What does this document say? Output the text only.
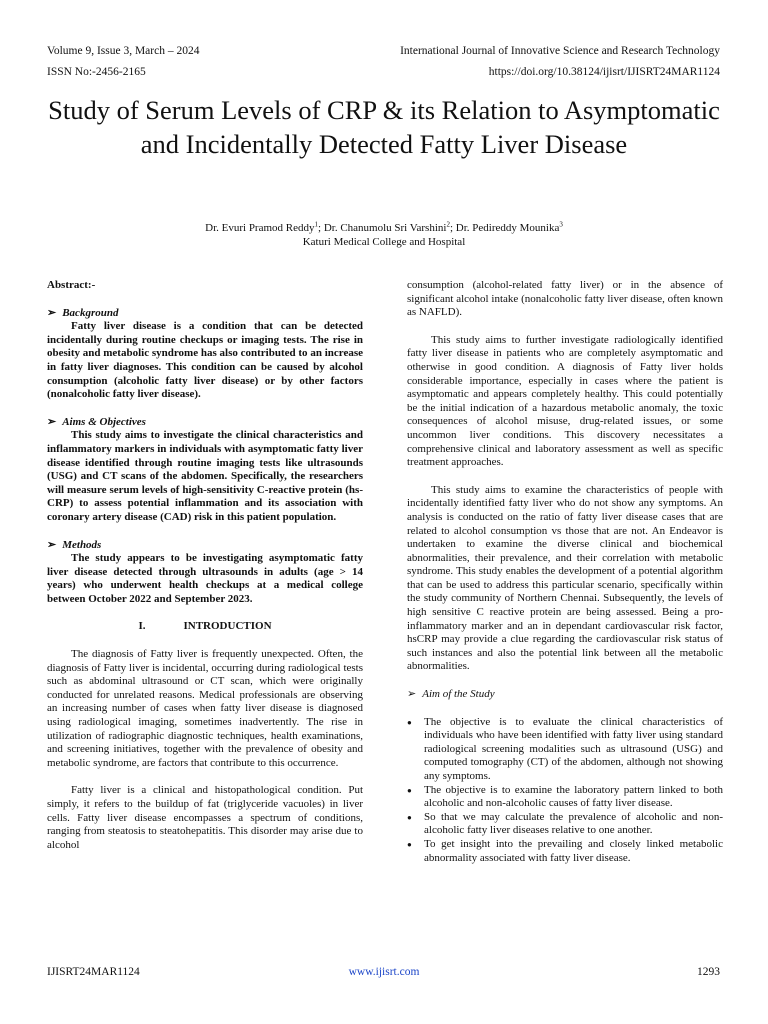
Volume 9, Issue 3, March – 2024	International Journal of Innovative Science and Research Technology
ISSN No:-2456-2165	https://doi.org/10.38124/ijisrt/IJISRT24MAR1124
Study of Serum Levels of CRP & its Relation to Asymptomatic and Incidentally Detected Fatty Liver Disease
Dr. Evuri Pramod Reddy$^1$; Dr. Chanumolu Sri Varshini$^2$; Dr. Pedireddy Mounika$^3$
Katuri Medical College and Hospital

Abstract:-

➢ Background

Fatty liver disease is a condition that can be detected incidentally during routine checkups or imaging tests. The rise in obesity and metabolic syndrome has also contributed to an increase in fatty liver diagnoses. This condition can be caused by alcohol consumption (alcoholic fatty liver disease) or by other factors (nonalcoholic fatty liver disease).

➢ Aims & Objectives

This study aims to investigate the clinical characteristics and inflammatory markers in individuals with asymptomatic fatty liver disease identified through routine imaging tests like ultrasounds (USG) and CT scans of the abdomen. Specifically, the researchers will measure serum levels of high-sensitivity C-reactive protein (hs-CRP) to assess potential inflammation and its association with coronary artery disease (CAD) risk in this patient population.

➢ Methods

The study appears to be investigating asymptomatic fatty liver disease detected through ultrasounds in adults (age > 14 years) who underwent health checkups at a medical college between October 2022 and September 2023.

I.	INTRODUCTION

The diagnosis of Fatty liver is frequently unexpected. Often, the diagnosis of Fatty liver is incidental, occurring during radiological tests such as abdominal ultrasound or CT scan, which were originally conducted for unrelated reasons. Medical professionals are observing an increasing number of cases when fatty liver disease is diagnosed using radiological imaging, sometimes inadvertently. The rise in utilization of radiographic diagnostic techniques, health examinations, and screening initiatives, together with the prevalence of obesity and metabolic syndrome, are factors that contribute to this occurrence.

Fatty liver is a clinical and histopathological condition. Put simply, it refers to the buildup of fat (triglyceride vacuoles) in liver cells. Fatty liver disease encompasses a spectrum of conditions, ranging from steatosis to steatohepatitis. This disorder may arise due to alcohol

consumption (alcohol-related fatty liver) or in the absence of significant alcohol intake (nonalcoholic fatty liver disease, often known as NAFLD).

This study aims to further investigate radiologically identified fatty liver disease in patients who are completely asymptomatic and otherwise in good condition. A diagnosis of Fatty liver holds considerable importance, especially in cases where the patient is asymptomatic and appears completely healthy. This could potentially be the initial indication of a hazardous metabolic anomaly, the toxic consequences of alcohol misuse, drug-related issues, or some uncommon liver conditions. This discovery necessitates a comprehensive clinical and laboratory assessment as well as specific treatment approaches.

This study aims to examine the characteristics of people with incidentally identified fatty liver who do not show any symptoms. An analysis is conducted on the ratio of fatty liver disease cases that are related to alcohol consumption vs those that are not. An Endeavor is undertaken to examine the diverse clinical and biochemical abnormalities, their prevalence, and their correlation with metabolic syndrome. This study enables the development of a potential algorithm that can be used to address this particular scenario, specifically within the study community of Northern Chennai. Subsequently, the levels of high sensitive C reactive protein are being assessed. Being a pro-inflammatory marker and an in dependant cardiovascular risk factor, hsCRP may provide a clue regarding the cardiovascular risk status of such instances and also the potential link between all the metabolic abnormalities.

➢ Aim of the Study

● The objective is to evaluate the clinical characteristics of individuals who have been identified with fatty liver using standard radiological screening modalities such as ultrasound (USG) and computed tomography (CT) of the abdomen, although not showing any symptoms.
● The objective is to examine the laboratory pattern linked to both alcoholic and non-alcoholic causes of fatty liver disease.
● So that we may calculate the prevalence of alcoholic and non-alcoholic fatty liver diseases relative to one another.
● To get insight into the prevailing and closely linked metabolic abnormality associated with fatty liver disease.
IJISRT24MAR1124	www.ijisrt.com	1293
